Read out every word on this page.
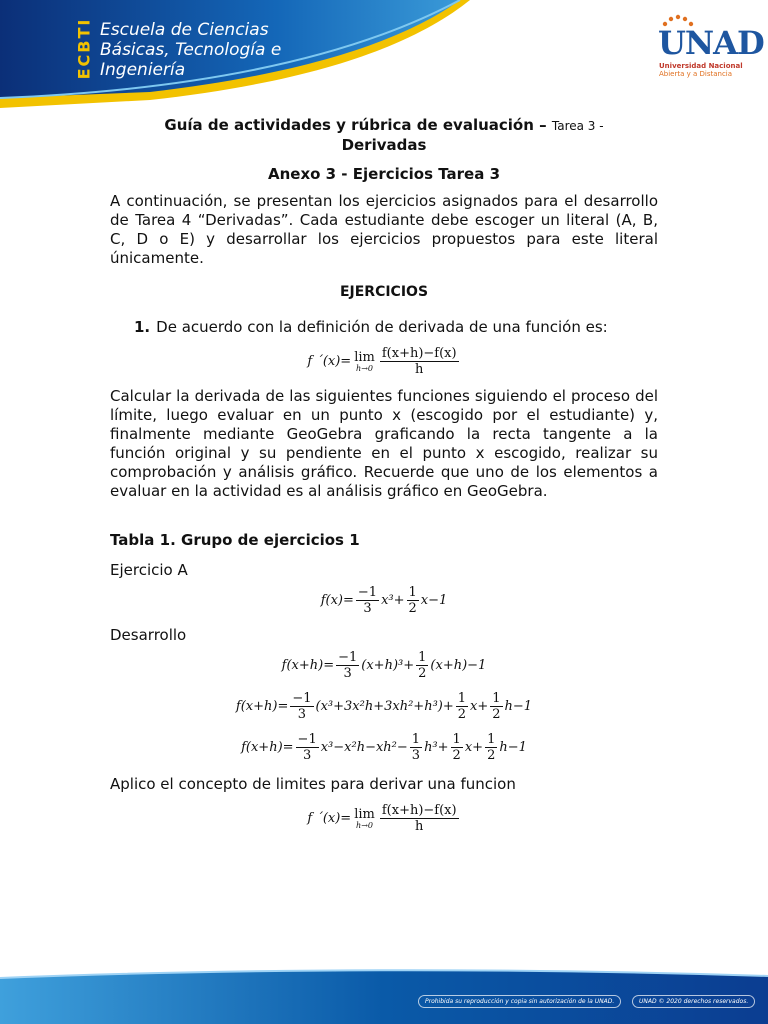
ECBTI Escuela de Ciencias
Básicas, Tecnología e
Ingeniería
UNAD
Universidad Nacional
Abierta y a Distancia
Guía de actividades y rúbrica de evaluación – Tarea 3 -
Derivadas
Anexo 3 - Ejercicios Tarea 3
A continuación, se presentan los ejercicios asignados para el desarrollo de Tarea 4 “Derivadas”. Cada estudiante debe escoger un literal (A, B, C, D o E) y desarrollar los ejercicios propuestos para este literal únicamente.
EJERCICIOS
1. De acuerdo con la definición de derivada de una función es:
f ´(x)= lim
$h\to 0 \frac{f(x+h)-f(x)}{h}$
Calcular la derivada de las siguientes funciones siguiendo el proceso del límite, luego evaluar en un punto x (escogido por el estudiante) y, finalmente mediante GeoGebra graficando la recta tangente a la función original y su pendiente en el punto x escogido, realizar su comprobación y análisis gráfico. Recuerde que uno de los elementos a evaluar en la actividad es al análisis gráfico en GeoGebra.
Tabla 1. Grupo de ejercicios 1
Ejercicio A
$f(x)= \frac{-1}{3} x^3+ \frac{1}{2} x-1$
Desarrollo
$f(x+h)= \frac{-1}{3} (x+h)^3+ \frac{1}{2} (x+h)-1$
$f(x+h)= \frac{-1}{3} (x^3+3x^2h+3xh^2+h^3)+ \frac{1}{2} x+ \frac{1}{2} h-1$
$f(x+h)= \frac{-1}{3} x^3-x^2h-xh^2- \frac{1}{3} h^3+ \frac{1}{2} x+ \frac{1}{2} h-1$
Aplico el concepto de limites para derivar una funcion
f ´(x)= lim
$h\to 0 \frac{f(x+h)-f(x)}{h}$
Prohibida su reproducción y copia sin autorización de la UNAD.	UNAD © 2020 derechos reservados.
